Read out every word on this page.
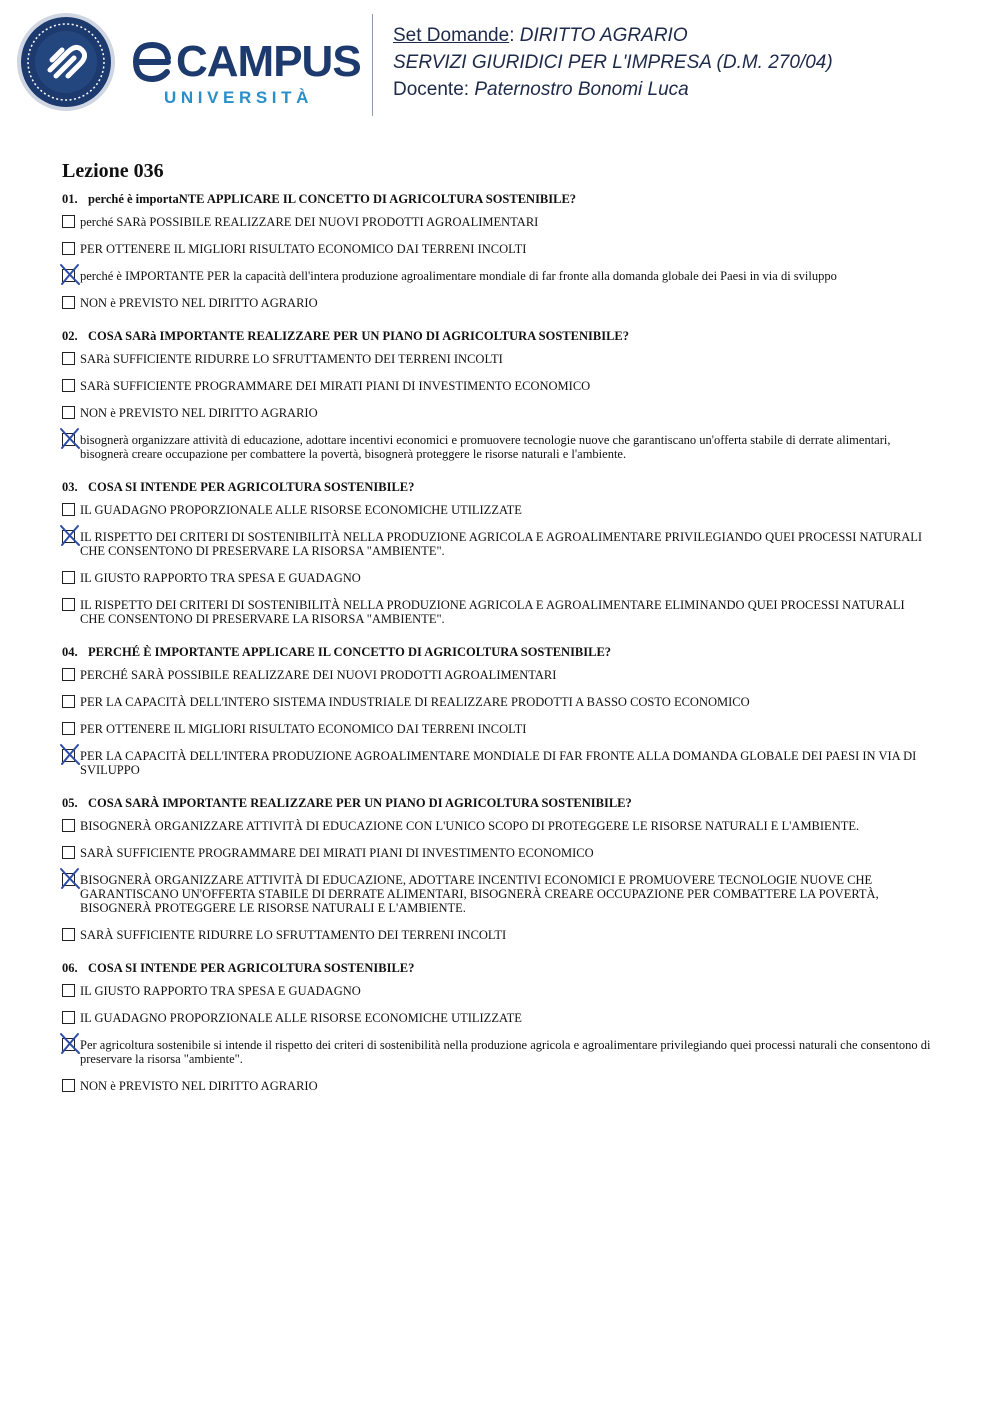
CAMPUS
UNIVERSITÀ
Set Domande: DIRITTO AGRARIO
SERVIZI GIURIDICI PER L'IMPRESA (D.M. 270/04)
Docente: Paternostro Bonomi Luca
Lezione 036
01. perché è importaNTE APPLICARE IL CONCETTO DI AGRICOLTURA SOSTENIBILE?
perché SARà POSSIBILE REALIZZARE DEI NUOVI PRODOTTI AGROALIMENTARI
PER OTTENERE IL MIGLIORI RISULTATO ECONOMICO DAI TERRENI INCOLTI
perché è IMPORTANTE PER la capacità dell'intera produzione agroalimentare mondiale di far fronte alla domanda globale dei Paesi in via di sviluppo
NON è PREVISTO NEL DIRITTO AGRARIO
02. COSA SARà IMPORTANTE REALIZZARE PER UN PIANO DI AGRICOLTURA SOSTENIBILE?
SARà SUFFICIENTE RIDURRE LO SFRUTTAMENTO DEI TERRENI INCOLTI
SARà SUFFICIENTE PROGRAMMARE DEI MIRATI PIANI DI INVESTIMENTO ECONOMICO
NON è PREVISTO NEL DIRITTO AGRARIO
bisognerà organizzare attività di educazione, adottare incentivi economici e promuovere tecnologie nuove che garantiscano un'offerta stabile di derrate alimentari, bisognerà creare occupazione per combattere la povertà, bisognerà proteggere le risorse naturali e l'ambiente.
03. COSA SI INTENDE PER AGRICOLTURA SOSTENIBILE?
IL GUADAGNO PROPORZIONALE ALLE RISORSE ECONOMICHE UTILIZZATE
IL RISPETTO DEI CRITERI DI SOSTENIBILITÀ NELLA PRODUZIONE AGRICOLA E AGROALIMENTARE PRIVILEGIANDO QUEI PROCESSI NATURALI CHE CONSENTONO DI PRESERVARE LA RISORSA "AMBIENTE".
IL GIUSTO RAPPORTO TRA SPESA E GUADAGNO
IL RISPETTO DEI CRITERI DI SOSTENIBILITÀ NELLA PRODUZIONE AGRICOLA E AGROALIMENTARE ELIMINANDO QUEI PROCESSI NATURALI CHE CONSENTONO DI PRESERVARE LA RISORSA "AMBIENTE".
04. PERCHÉ È IMPORTANTE APPLICARE IL CONCETTO DI AGRICOLTURA SOSTENIBILE?
PERCHÉ SARÀ POSSIBILE REALIZZARE DEI NUOVI PRODOTTI AGROALIMENTARI
PER LA CAPACITÀ DELL'INTERO SISTEMA INDUSTRIALE DI REALIZZARE PRODOTTI A BASSO COSTO ECONOMICO
PER OTTENERE IL MIGLIORI RISULTATO ECONOMICO DAI TERRENI INCOLTI
PER LA CAPACITÀ DELL'INTERA PRODUZIONE AGROALIMENTARE MONDIALE DI FAR FRONTE ALLA DOMANDA GLOBALE DEI PAESI IN VIA DI SVILUPPO
05. COSA SARÀ IMPORTANTE REALIZZARE PER UN PIANO DI AGRICOLTURA SOSTENIBILE?
BISOGNERÀ ORGANIZZARE ATTIVITÀ DI EDUCAZIONE CON L'UNICO SCOPO DI PROTEGGERE LE RISORSE NATURALI E L'AMBIENTE.
SARÀ SUFFICIENTE PROGRAMMARE DEI MIRATI PIANI DI INVESTIMENTO ECONOMICO
BISOGNERÀ ORGANIZZARE ATTIVITÀ DI EDUCAZIONE, ADOTTARE INCENTIVI ECONOMICI E PROMUOVERE TECNOLOGIE NUOVE CHE GARANTISCANO UN'OFFERTA STABILE DI DERRATE ALIMENTARI, BISOGNERÀ CREARE OCCUPAZIONE PER COMBATTERE LA POVERTÀ, BISOGNERÀ PROTEGGERE LE RISORSE NATURALI E L'AMBIENTE.
SARÀ SUFFICIENTE RIDURRE LO SFRUTTAMENTO DEI TERRENI INCOLTI
06. COSA SI INTENDE PER AGRICOLTURA SOSTENIBILE?
IL GIUSTO RAPPORTO TRA SPESA E GUADAGNO
IL GUADAGNO PROPORZIONALE ALLE RISORSE ECONOMICHE UTILIZZATE
Per agricoltura sostenibile si intende il rispetto dei criteri di sostenibilità nella produzione agricola e agroalimentare privilegiando quei processi naturali che consentono di preservare la risorsa "ambiente".
NON è PREVISTO NEL DIRITTO AGRARIO
